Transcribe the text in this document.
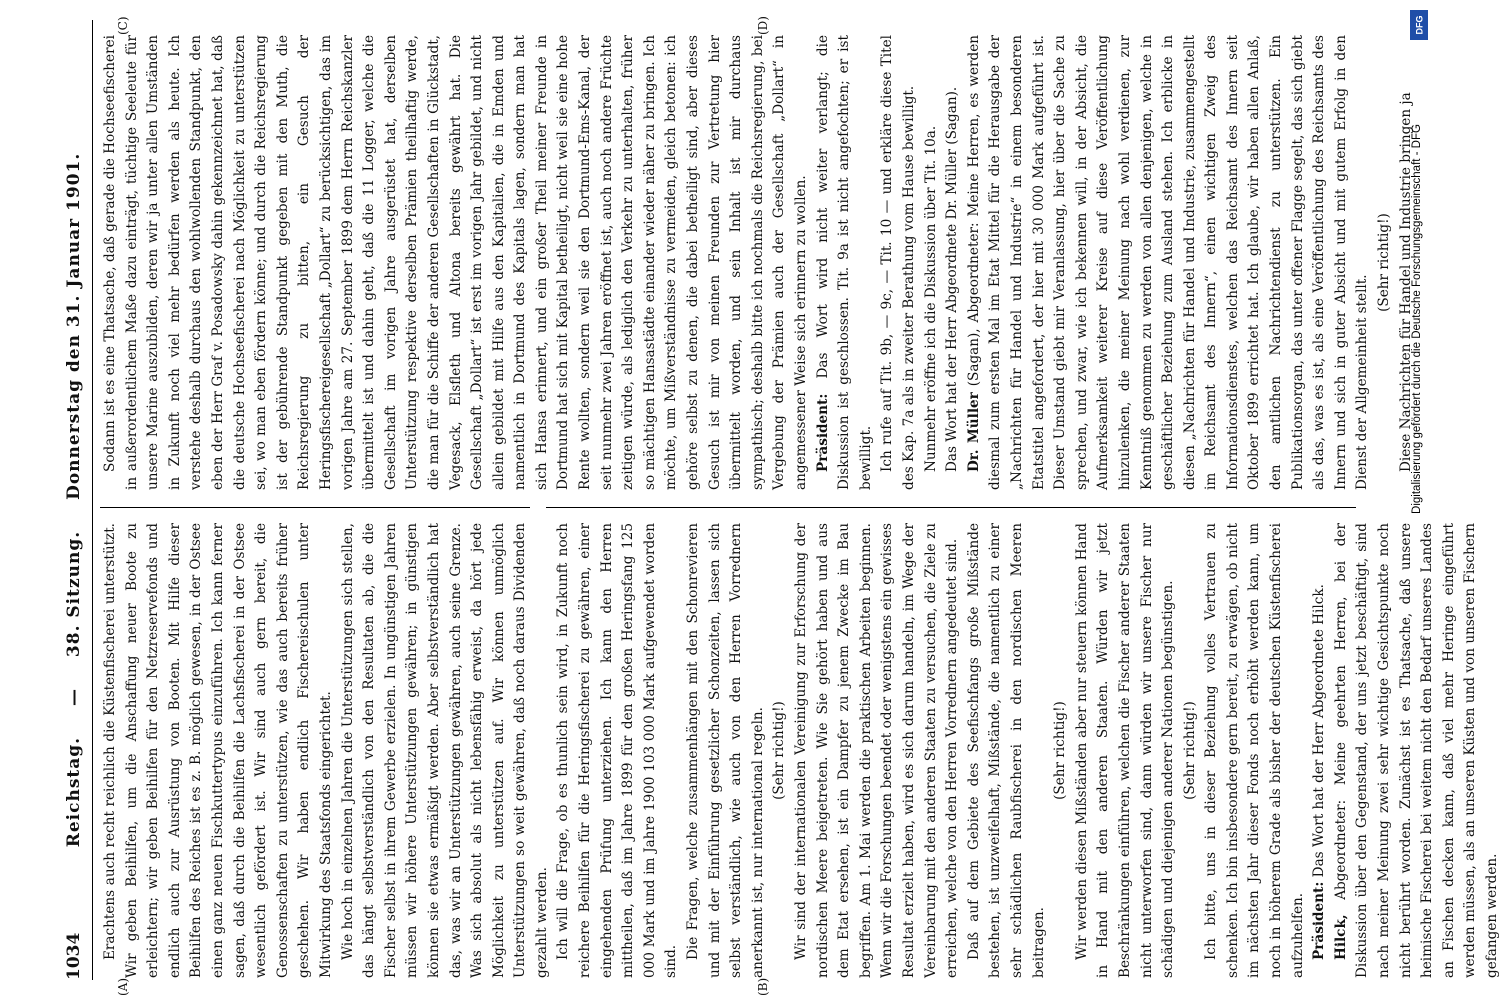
1034
Reichstag. — 38. Sitzung. Donnerstag den 31. Januar 1901.

Erachtens auch recht reichlich die Küstenfischerei unterstützt. Wir geben Beihilfen, um die Anschaffung neuer Boote zu erleichtern; wir geben Beihilfen für den Netzreservefonds und endlich auch zur Ausrüstung von Booten. Mit Hilfe dieser Beihilfen des Reiches ist es z. B. möglich gewesen, in der Ostsee einen ganz neuen Fischkuttertypus einzuführen. Ich kann ferner sagen, daß durch die Beihilfen die Lachsfischerei in der Ostsee wesentlich gefördert ist. Wir sind auch gern bereit, die Genossenschaften zu unterstützen, wie das auch bereits früher geschehen. Wir haben endlich Fischereischulen unter Mitwirkung des Staatsfonds eingerichtet. Wie hoch in einzelnen Jahren die Unterstützungen sich stellen, das hängt selbstverständlich von den Resultaten ab, die die Fischer selbst in ihrem Gewerbe erzielen. In ungünstigen Jahren müssen wir höhere Unterstützungen gewähren; in günstigen können sie etwas ermäßigt werden. Aber selbstverständlich hat das, was wir an Unterstützungen gewähren, auch seine Grenze. Was sich absolut als nicht lebensfähig erweist, da hört jede Möglichkeit zu unterstützen auf. Wir können unmöglich Unterstützungen so weit gewähren, daß noch daraus Dividenden gezahlt werden. Ich will die Frage, ob es thunlich sein wird, in Zukunft noch reichere Beihilfen für die Heringsfischerei zu gewähren, einer eingehenden Prüfung unterziehen. Ich kann den Herren mittheilen, daß im Jahre 1899 für den großen Heringsfang 125 000 Mark und im Jahre 1900 103 000 Mark aufgewendet worden sind.

Die Fragen, welche zusammenhängen mit den Schonrevieren und mit der Einführung gesetzlicher Schonzeiten, lassen sich selbst verständlich, wie auch von den Herren Vorrednern anerkannt ist, nur international regeln. (Sehr richtig!) Wir sind der internationalen Vereinigung zur Erforschung der nordischen Meere beigetreten. Wie Sie gehört haben und aus dem Etat ersehen, ist ein Dampfer zu jenem Zwecke im Bau begriffen. Am 1. Mai werden die praktischen Arbeiten beginnen. Wenn wir die Forschungen beendet oder wenigstens ein gewisses Resultat erzielt haben, wird es sich darum handeln, im Wege der Vereinbarung mit den anderen Staaten zu versuchen, die Ziele zu erreichen, welche von den Herren Vorrednern angedeutet sind. Daß auf dem Gebiete des Seefischfangs große Mißstände bestehen, ist unzweifelhaft, Mißstände, die namentlich zu einer sehr schädlichen Raubfischerei in den nordischen Meeren beitragen.

(Sehr richtig!) Wir werden diesen Mißständen aber nur steuern können Hand in Hand mit den anderen Staaten. Würden wir jetzt Beschränkungen einführen, welchen die Fischer anderer Staaten nicht unterworfen sind, dann würden wir unsere Fischer nur schädigen und diejenigen anderer Nationen begünstigen. (Sehr richtig!) Ich bitte, uns in dieser Beziehung volles Vertrauen zu schenken. Ich bin insbesondere gern bereit, zu erwägen, ob nicht im nächsten Jahr dieser Fonds noch erhöht werden kann, um noch in höherem Grade als bisher der deutschen Küstenfischerei aufzuhelfen. Präsident: Das Wort hat der Herr Abgeordnete Hilck.

Hilck, Abgeordneter: Meine geehrten Herren, bei der Diskussion über den Gegenstand, der uns jetzt beschäftigt, sind nach meiner Meinung zwei sehr wichtige Gesichtspunkte noch nicht berührt worden. Zunächst ist es Thatsache, daß unsere heimische Fischerei bei weitem nicht den Bedarf unseres Landes an Fischen decken kann, daß viel mehr Heringe eingeführt werden müssen, als an unseren Küsten und von unseren Fischern gefangen werden.

Sodann ist es eine Thatsache, daß gerade die Hochseefischerei in außerordentlichem Maße dazu einträgt, tüchtige Seeleute für unsere Marine auszubilden, deren wir ja unter allen Umständen in Zukunft noch viel mehr bedürfen werden als heute. Ich verstehe deshalb durchaus den wohlwollenden Standpunkt, den eben der Herr Graf v. Posadowsky dahin gekennzeichnet hat, daß die deutsche Hochseefischerei nach Möglichkeit zu unterstützen sei, wo man eben fördern könne; und durch die Reichsregierung ist der gebührende Standpunkt gegeben mit den Muth, die Reichsregierung zu bitten, ein Gesuch der Heringsfischereigesellschaft „Dollart“ zu berücksichtigen, das im vorigen Jahre am 27. September 1899 dem Herrn Reichskanzler übermittelt ist und dahin geht, daß die 11 Logger, welche die Gesellschaft im vorigen Jahre ausgerüstet hat, derselben Unterstützung respektive derselben Prämien theilhaftig werde, die man für die Schiffe der anderen Gesellschaften in Glückstadt, Vegesack, Elsfleth und Altona bereits gewährt hat. Die Gesellschaft „Dollart“ ist erst im vorigen Jahr gebildet, und nicht allein gebildet mit Hilfe aus den Kapitalien, die in Emden und namentlich in Dortmund des Kapitals lagen, sondern man hat sich Hansa erinnert, und ein großer Theil meiner Freunde in Dortmund hat sich mit Kapital betheiligt, nicht weil sie eine hohe Rente wollten, sondern weil sie den Dortmund-Ems-Kanal, der seit nunmehr zwei Jahren eröffnet ist, auch noch andere Früchte zeitigen würde, als lediglich den Verkehr zu unterhalten, früher so mächtigen Hansastädte einander wieder näher zu bringen. Ich möchte, um Mißverständnisse zu vermeiden, gleich betonen: ich gehöre selbst zu denen, die dabei betheiligt sind, aber dieses Gesuch ist mir von meinen Freunden zur Vertretung hier übermittelt worden, und sein Inhalt ist mir durchaus sympathisch; deshalb bitte ich nochmals die Reichsregierung, bei Vergebung der Prämien auch der Gesellschaft „Dollart“ in angemessener Weise sich erinnern zu wollen. Präsident: Das Wort wird nicht weiter verlangt; die Diskussion ist geschlossen. Tit. 9a ist nicht angefochten; er ist bewilligt. Ich rufe auf Tit. 9b, — 9c, — Tit. 10 — und erkläre diese Titel des Kap. 7a als in zweiter Berathung vom Hause bewilligt. Nunmehr eröffne ich die Diskussion über Tit. 10a. Das Wort hat der Herr Abgeordnete Dr. Müller (Sagan). Dr. Müller (Sagan), Abgeordneter: Meine Herren, es werden diesmal zum ersten Mal im Etat Mittel für die Herausgabe der „Nachrichten für Handel und Industrie“ in einem besonderen Etatstitel angefordert, der hier mit 30 000 Mark aufgeführt ist. Dieser Umstand giebt mir Veranlassung, hier über die Sache zu sprechen, und zwar, wie ich bekennen will, in der Absicht, die Aufmerksamkeit weiterer Kreise auf diese Veröffentlichung hinzulenken, die meiner Meinung nach wohl verdienen, zur Kenntniß genommen zu werden von allen denjenigen, welche in geschäftlicher Beziehung zum Ausland stehen. Ich erblicke in diesen „Nachrichten für Handel und Industrie, zusammengestellt im Reichsamt des Innern“, einen wichtigen Zweig des Informationsdienstes, welchen das Reichsamt des Innern seit Oktober 1899 errichtet hat. Ich glaube, wir haben allen Anlaß, den amtlichen Nachrichtendienst zu unterstützen. Ein Publikationsorgan, das unter offener Flagge segelt, das sich giebt als das, was es ist, als eine Veröffentlichung des Reichsamts des Innern und sich in guter Absicht und mit gutem Erfolg in den Dienst der Allgemeinheit stellt.

(Sehr richtig!) Diese Nachrichten für Handel und Industrie bringen ja

(A)	(B)
(C)	(D)	DFG
Digitalisierung gefördert durch die Deutsche Forschungsgemeinschaft - DFG
